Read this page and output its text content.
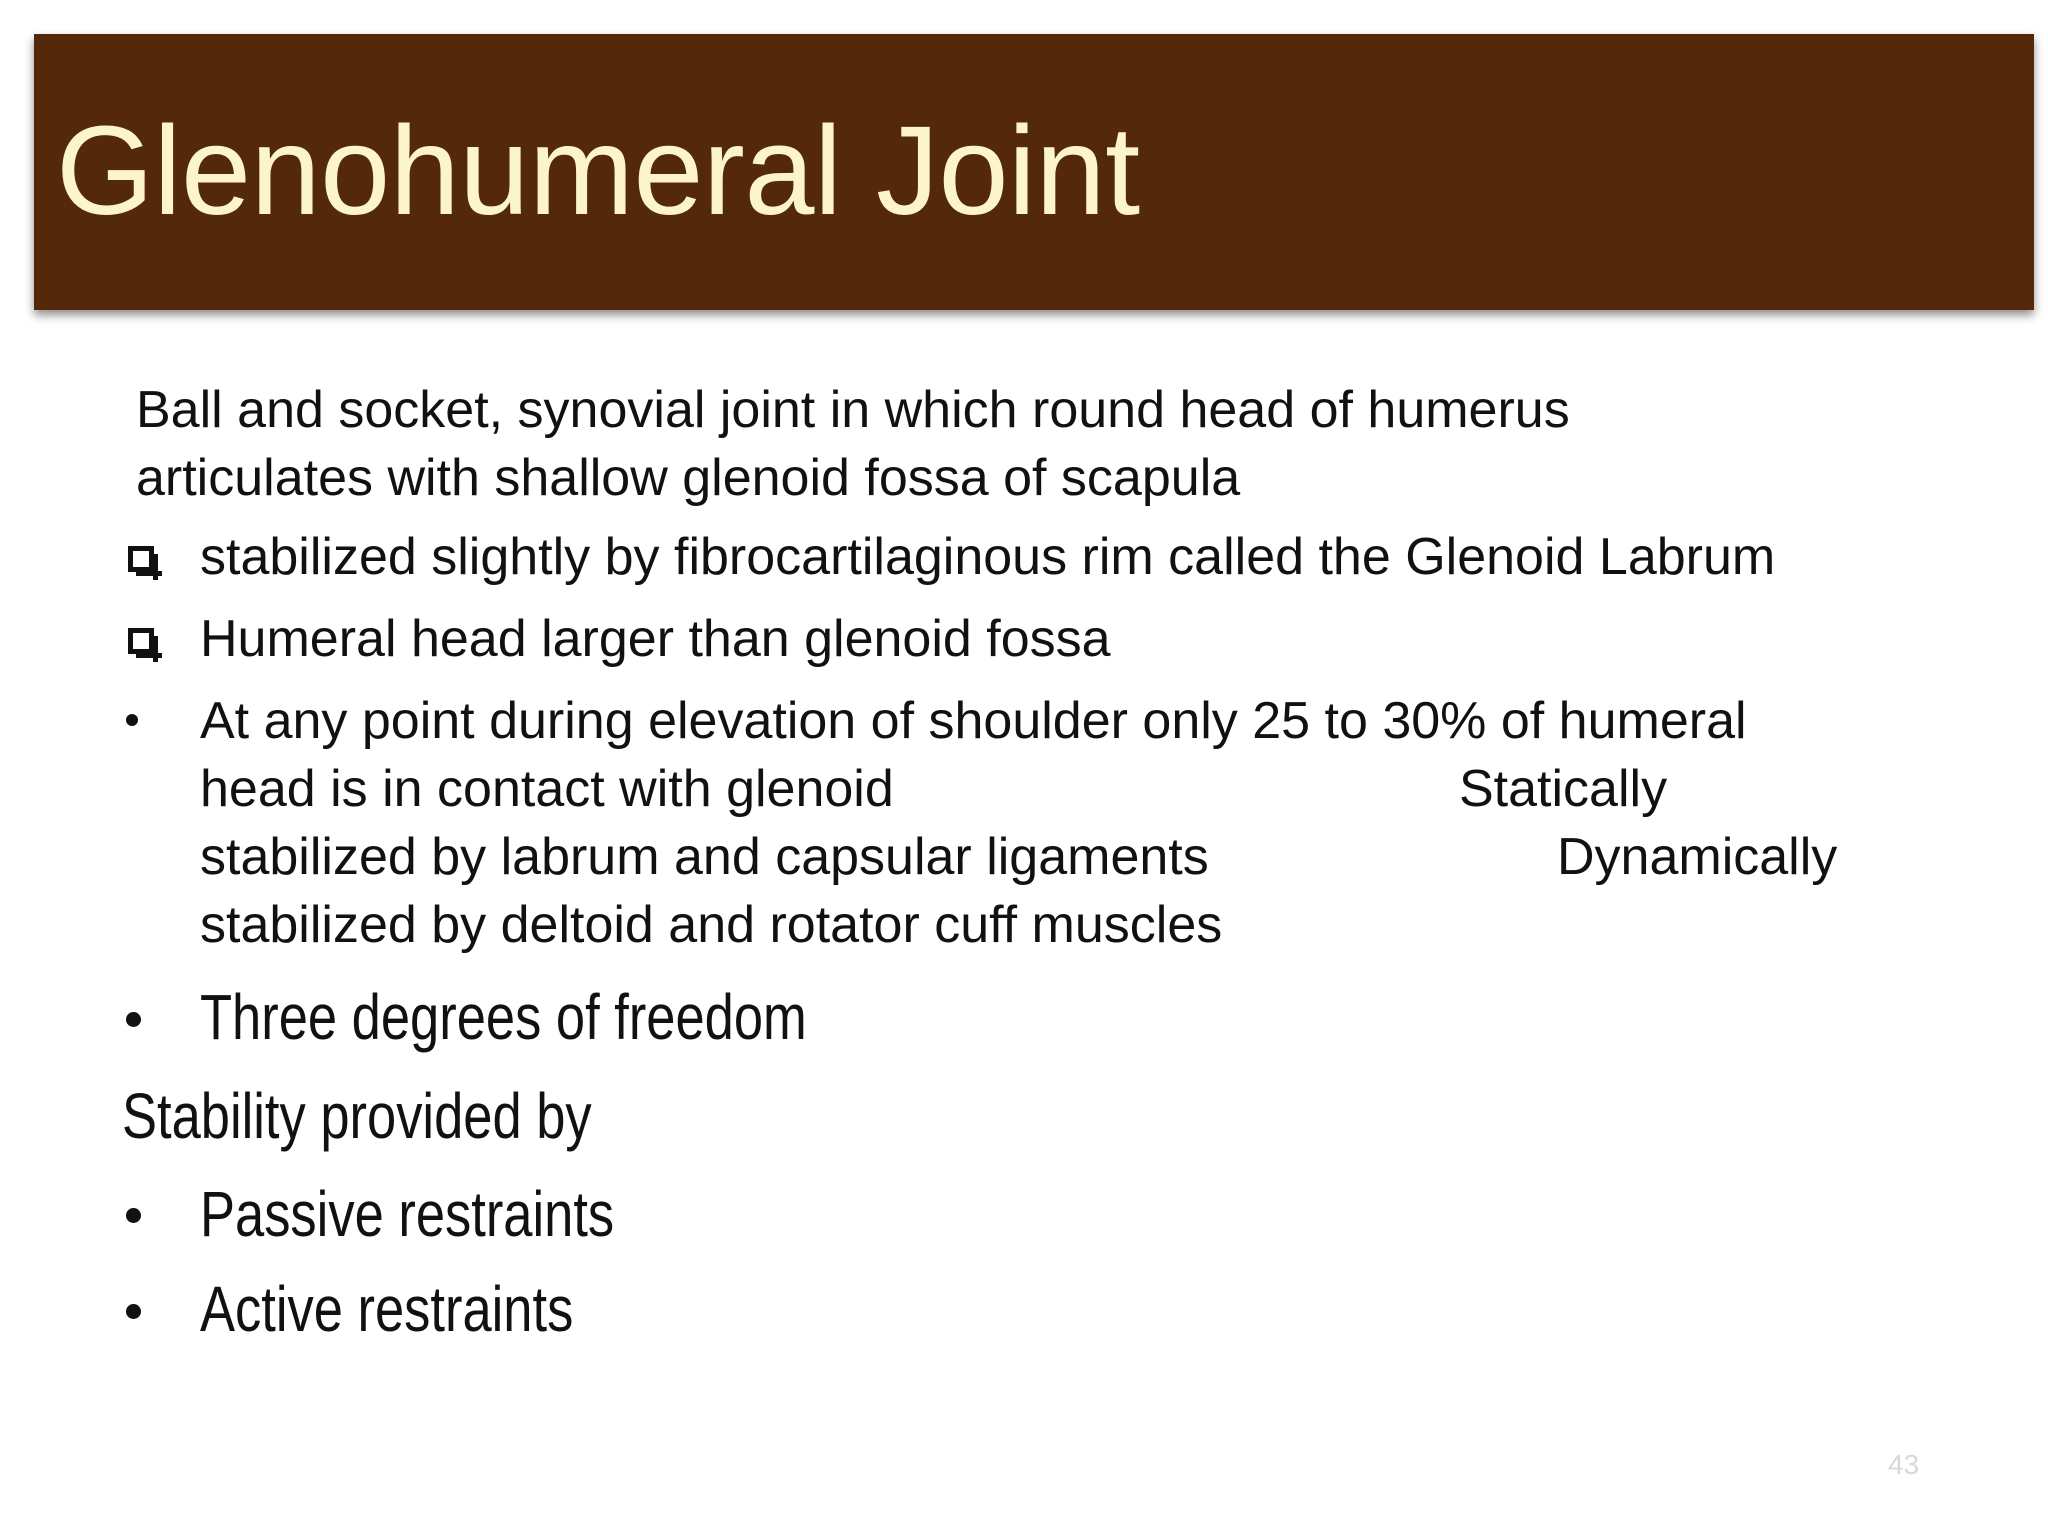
Glenohumeral Joint
Ball and socket, synovial joint in which round head of humerus
articulates with shallow glenoid fossa of scapula
stabilized slightly by fibrocartilaginous rim called the Glenoid Labrum
Humeral head larger than glenoid fossa
At any point during elevation of shoulder only 25 to 30% of humeral
head is in contact with glenoid	Statically
stabilized by labrum and capsular ligaments	Dynamically
stabilized by deltoid and rotator cuff muscles
Three degrees of freedom
Stability provided by
Passive restraints
Active restraints
43
